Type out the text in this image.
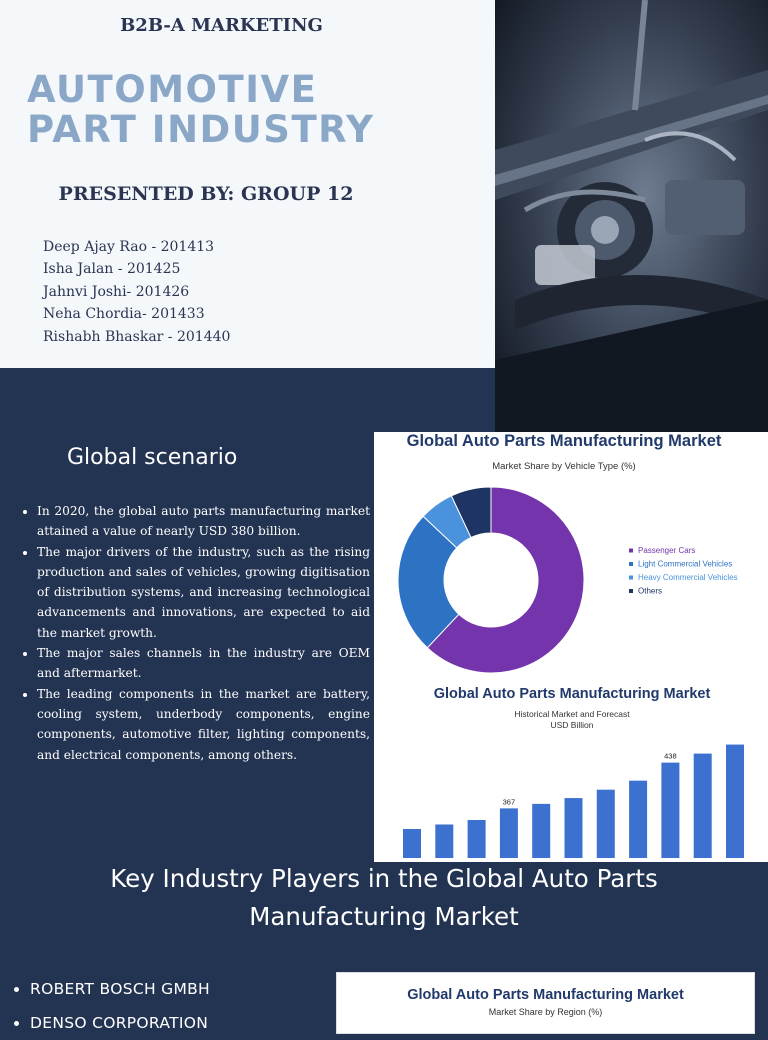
B2B-A MARKETING
AUTOMOTIVE
PART INDUSTRY
PRESENTED BY: GROUP 12
Deep Ajay Rao - 201413
Isha Jalan - 201425
Jahnvi Joshi- 201426
Neha Chordia- 201433
Rishabh Bhaskar - 201440
Global scenario
• In 2020, the global auto parts manufacturing market attained a value of nearly USD 380 billion.
• The major drivers of the industry, such as the rising production and sales of vehicles, growing digitisation of distribution systems, and increasing technological advancements and innovations, are expected to aid the market growth.
• The major sales channels in the industry are OEM and aftermarket.
• The leading components in the market are battery, cooling system, underbody components, engine components, automotive filter, lighting components, and electrical components, among others.
Global Auto Parts Manufacturing Market
Market Share by Vehicle Type (%)
Passenger Cars
Light Commercial Vehicles
Heavy Commercial Vehicles
Others
Global Auto Parts Manufacturing Market
Historical Market and Forecast
USD Billion
367
438
Key Industry Players in the Global Auto Parts
Manufacturing Market
• ROBERT BOSCH GMBH
• DENSO CORPORATION
Global Auto Parts Manufacturing Market
Market Share by Region (%)
